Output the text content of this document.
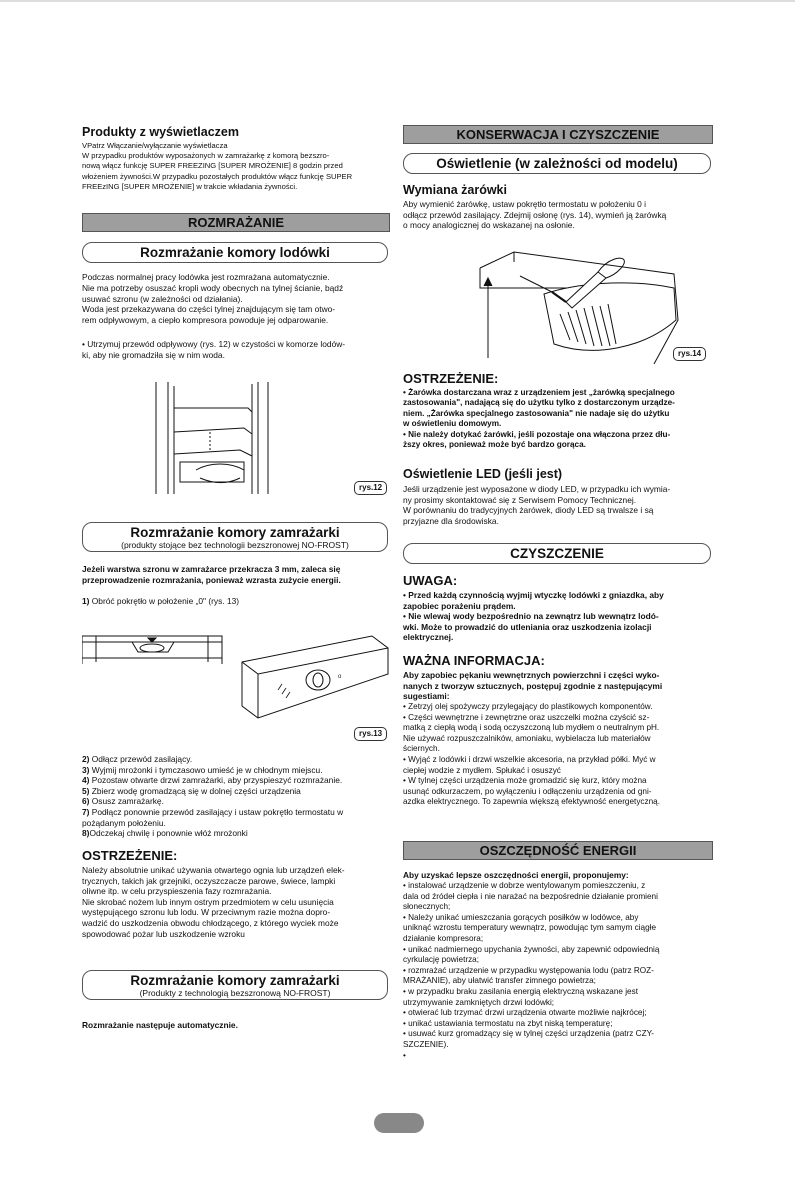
Produkty z wyświetlaczem

VPatrz Włączanie/wyłączanie wyświetlacza

W przypadku produktów wyposażonych w zamrażarkę z komorą bezszro-

nową włącz funkcję SUPER FREEZING [SUPER MROŻENIE] 8 godzin przed

włożeniem żywności.W przypadku pozostałych produktów włącz funkcję SUPER

FREEzING [SUPER MROŻENIE] w trakcie wkładania żywności.

ROZMRAŻANIE
Rozmrażanie komory lodówki

Podczas normalnej pracy lodówka jest rozmrażana automatycznie.

Nie ma potrzeby osuszać kropli wody obecnych na tylnej ścianie, bądź

usuwać szronu (w zależności od działania).

Woda jest przekazywana do części tylnej znajdującym się tam otwo-

rem odpływowym, a ciepło kompresora powoduje jej odparowanie.

• Utrzymuj przewód odpływowy (rys. 12) w czystości w komorze lodów-

ki, aby nie gromadziła się w nim woda.

rys.12
Rozmrażanie komory zamrażarki
(produkty stojące bez technologii bezszronowej NO-FROST)

Jeżeli warstwa szronu w zamrażarce przekracza 3 mm, zaleca się

przeprowadzenie rozmrażania, ponieważ wzrasta zużycie energii.

1) Obróć pokrętło w położenie „0" (rys. 13)

o
rys.13

2) Odłącz przewód zasilający.

3) Wyjmij mrożonki i tymczasowo umieść je w chłodnym miejscu.

4) Pozostaw otwarte drzwi zamrażarki, aby przyspieszyć rozmrażanie.

5) Zbierz wodę gromadzącą się w dolnej części urządzenia

6) Osusz zamrażarkę.

7) Podłącz ponownie przewód zasilający i ustaw pokrętło termostatu w

pożądanym położeniu.

8)Odczekaj chwilę i ponownie włóż mrożonki

OSTRZEŻENIE:

Należy absolutnie unikać używania otwartego ognia lub urządzeń elek-

trycznych, takich jak grzejniki, oczyszczacze parowe, świece, lampki

oliwne itp. w celu przyspieszenia fazy rozmrażania.

Nie skrobać nożem lub innym ostrym przedmiotem w celu usunięcia

występującego szronu lub lodu. W przeciwnym razie można dopro-

wadzić do uszkodzenia obwodu chłodzącego, z którego wyciek może

spowodować pożar lub uszkodzenie wzroku

Rozmrażanie komory zamrażarki
(Produkty z technologią bezszronową NO-FROST)

Rozmrażanie następuje automatycznie.

KONSERWACJA I CZYSZCZENIE
Oświetlenie (w zależności od modelu)
Wymiana żarówki

Aby wymienić żarówkę, ustaw pokrętło termostatu w położeniu 0 i

odłącz przewód zasilający. Zdejmij osłonę (rys. 14), wymień ją żarówką

o mocy analogicznej do wskazanej na osłonie.

rys.14
OSTRZEŻENIE:

• Żarówka dostarczana wraz z urządzeniem jest „żarówką specjalnego

zastosowania", nadającą się do użytku tylko z dostarczonym urządze-

niem. „Żarówka specjalnego zastosowania" nie nadaje się do użytku

w oświetleniu domowym.

• Nie należy dotykać żarówki, jeśli pozostaje ona włączona przez dłu-

ższy okres, ponieważ może być bardzo gorąca.

Oświetlenie LED (jeśli jest)

Jeśli urządzenie jest wyposażone w diody LED, w przypadku ich wymia-

ny prosimy skontaktować się z Serwisem Pomocy Technicznej.

W porównaniu do tradycyjnych żarówek, diody LED są trwalsze i są

przyjazne dla środowiska.

CZYSZCZENIE
UWAGA:

• Przed każdą czynnością wyjmij wtyczkę lodówki z gniazdka, aby

zapobiec porażeniu prądem.

• Nie wlewaj wody bezpośrednio na zewnątrz lub wewnątrz lodó-

wki. Może to prowadzić do utleniania oraz uszkodzenia izolacji

elektrycznej.

WAŻNA INFORMACJA:

Aby zapobiec pękaniu wewnętrznych powierzchni i części wyko-

nanych z tworzyw sztucznych, postępuj zgodnie z następującymi

sugestiami:

• Zetrzyj olej spożywczy przylegający do plastikowych komponentów.

• Części wewnętrzne i zewnętrzne oraz uszczelki można czyścić sz-

matką z ciepłą wodą i sodą oczyszczoną lub mydłem o neutralnym pH.

Nie używać rozpuszczalników, amoniaku, wybielacza lub materiałów

ściernych.

• Wyjąć z lodówki i drzwi wszelkie akcesoria, na przykład półki. Myć w

ciepłej wodzie z mydłem. Spłukać i osuszyć

• W tylnej części urządzenia może gromadzić się kurz, który można

usunąć odkurzaczem, po wyłączeniu i odłączeniu urządzenia od gni-

azdka elektrycznego. To zapewnia większą efektywność energetyczną.

OSZCZĘDNOŚĆ ENERGII

Aby uzyskać lepsze oszczędności energii, proponujemy:

• instalować urządzenie w dobrze wentylowanym pomieszczeniu, z

dala od źródeł ciepła i nie narażać na bezpośrednie działanie promieni

słonecznych;

• Należy unikać umieszczania gorących posiłków w lodówce, aby

uniknąć wzrostu temperatury wewnątrz, powodując tym samym ciągłe

działanie kompresora;

• unikać nadmiernego upychania żywności, aby zapewnić odpowiednią

cyrkulację powietrza;

• rozmrażać urządzenie w przypadku występowania lodu (patrz ROZ-

MRAŻANIE), aby ułatwić transfer zimnego powietrza;

• w przypadku braku zasilania energią elektryczną wskazane jest

utrzymywanie zamkniętych drzwi lodówki;

• otwierać lub trzymać drzwi urządzenia otwarte możliwie najkrócej;

• unikać ustawiania termostatu na zbyt niską temperaturę;

• usuwać kurz gromadzący się w tylnej części urządzenia (patrz CZY-

SZCZENIE).

•
